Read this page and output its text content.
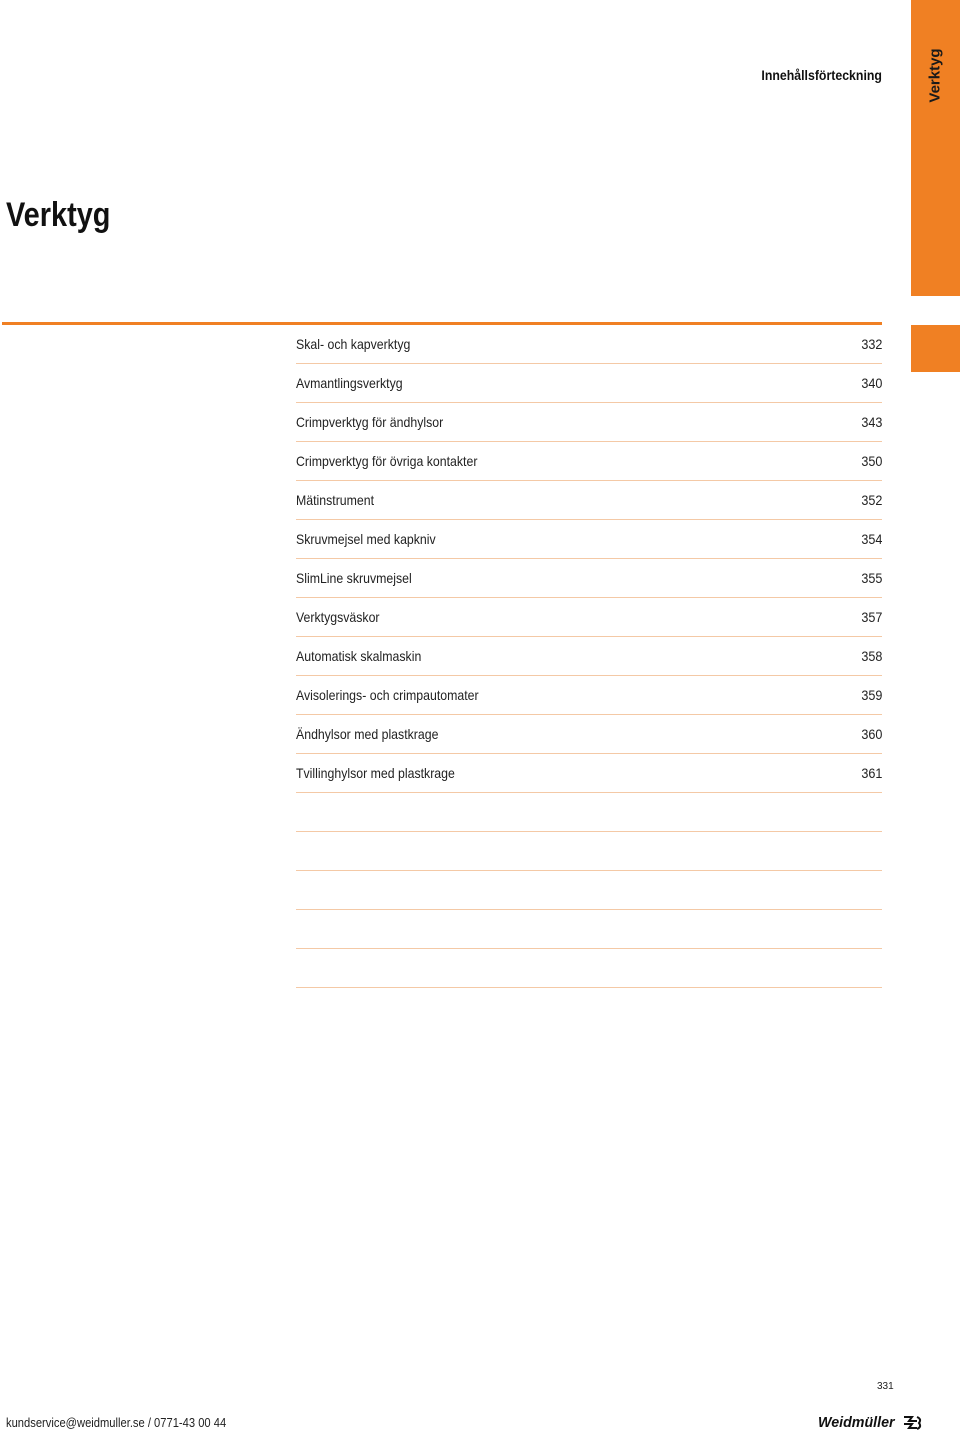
Verktyg
Innehållsförteckning
Verktyg
Skal- och kapverktyg	332
Avmantlingsverktyg	340
Crimpverktyg för ändhylsor	343
Crimpverktyg för övriga kontakter	350
Mätinstrument	352
Skruvmejsel med kapkniv	354
SlimLine skruvmejsel	355
Verktygsväskor	357
Automatisk skalmaskin	358
Avisolerings- och crimpautomater	359
Ändhylsor med plastkrage	360
Tvillinghylsor med plastkrage	361
331
kundservice@weidmuller.se / 0771-43 00 44	Weidmüller
